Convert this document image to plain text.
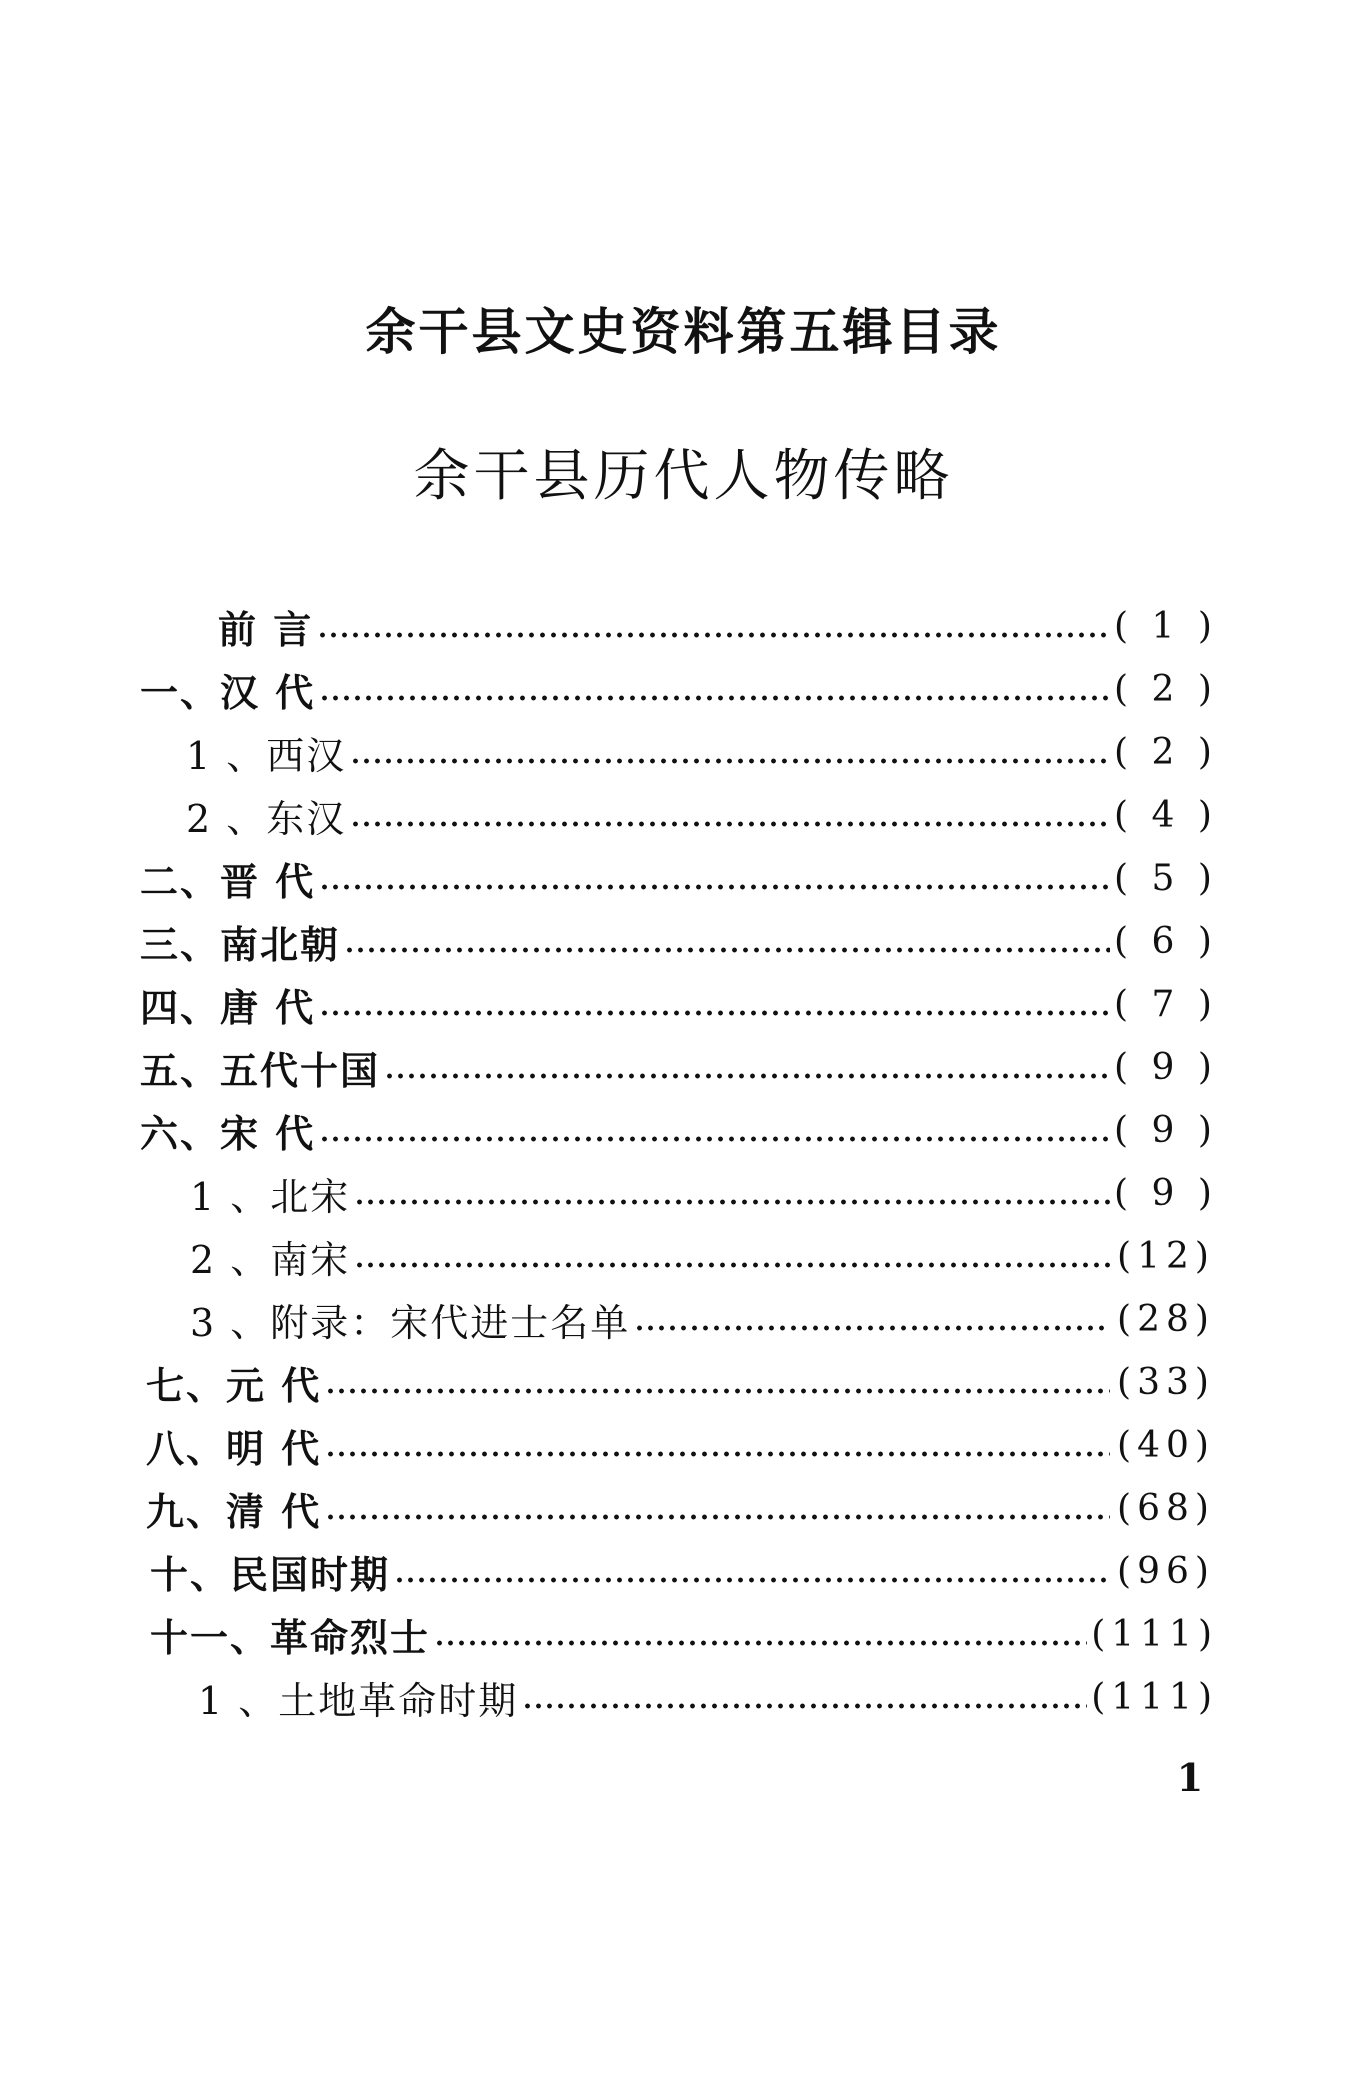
余干县文史资料第五辑目录
余干县历代人物传略
前 言	( 1 )
一、汉 代	( 2 )
1 、西汉	( 2 )
2 、东汉	( 4 )
二、晋 代	( 5 )
三、南北朝	( 6 )
四、唐 代	( 7 )
五、五代十国	( 9 )
六、宋 代	( 9 )
1 、北宋	( 9 )
2 、南宋	(12)
3 、附录：宋代进士名单	(28)
七、元 代	(33)
八、明 代	(40)
九、清 代	(68)
十、民国时期	(96)
十一、革命烈士	(111)
1 、土地革命时期	(111)
1
